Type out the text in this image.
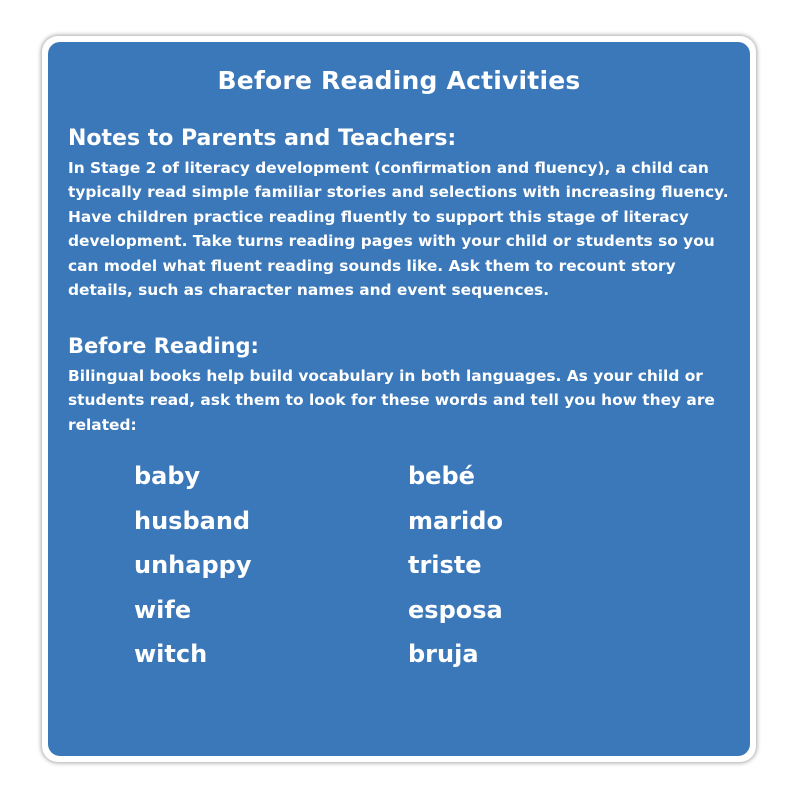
Before Reading Activities
Notes to Parents and Teachers:

In Stage 2 of literacy development (confirmation and fluency), a child can typically read simple familiar stories and selections with increasing fluency. Have children practice reading fluently to support this stage of literacy development. Take turns reading pages with your child or students so you can model what fluent reading sounds like. Ask them to recount story details, such as character names and event sequences.

Before Reading:

Bilingual books help build vocabulary in both languages. As your child or students read, ask them to look for these words and tell you how they are related:

baby	bebé
husband	marido
unhappy	triste
wife	esposa
witch	bruja
